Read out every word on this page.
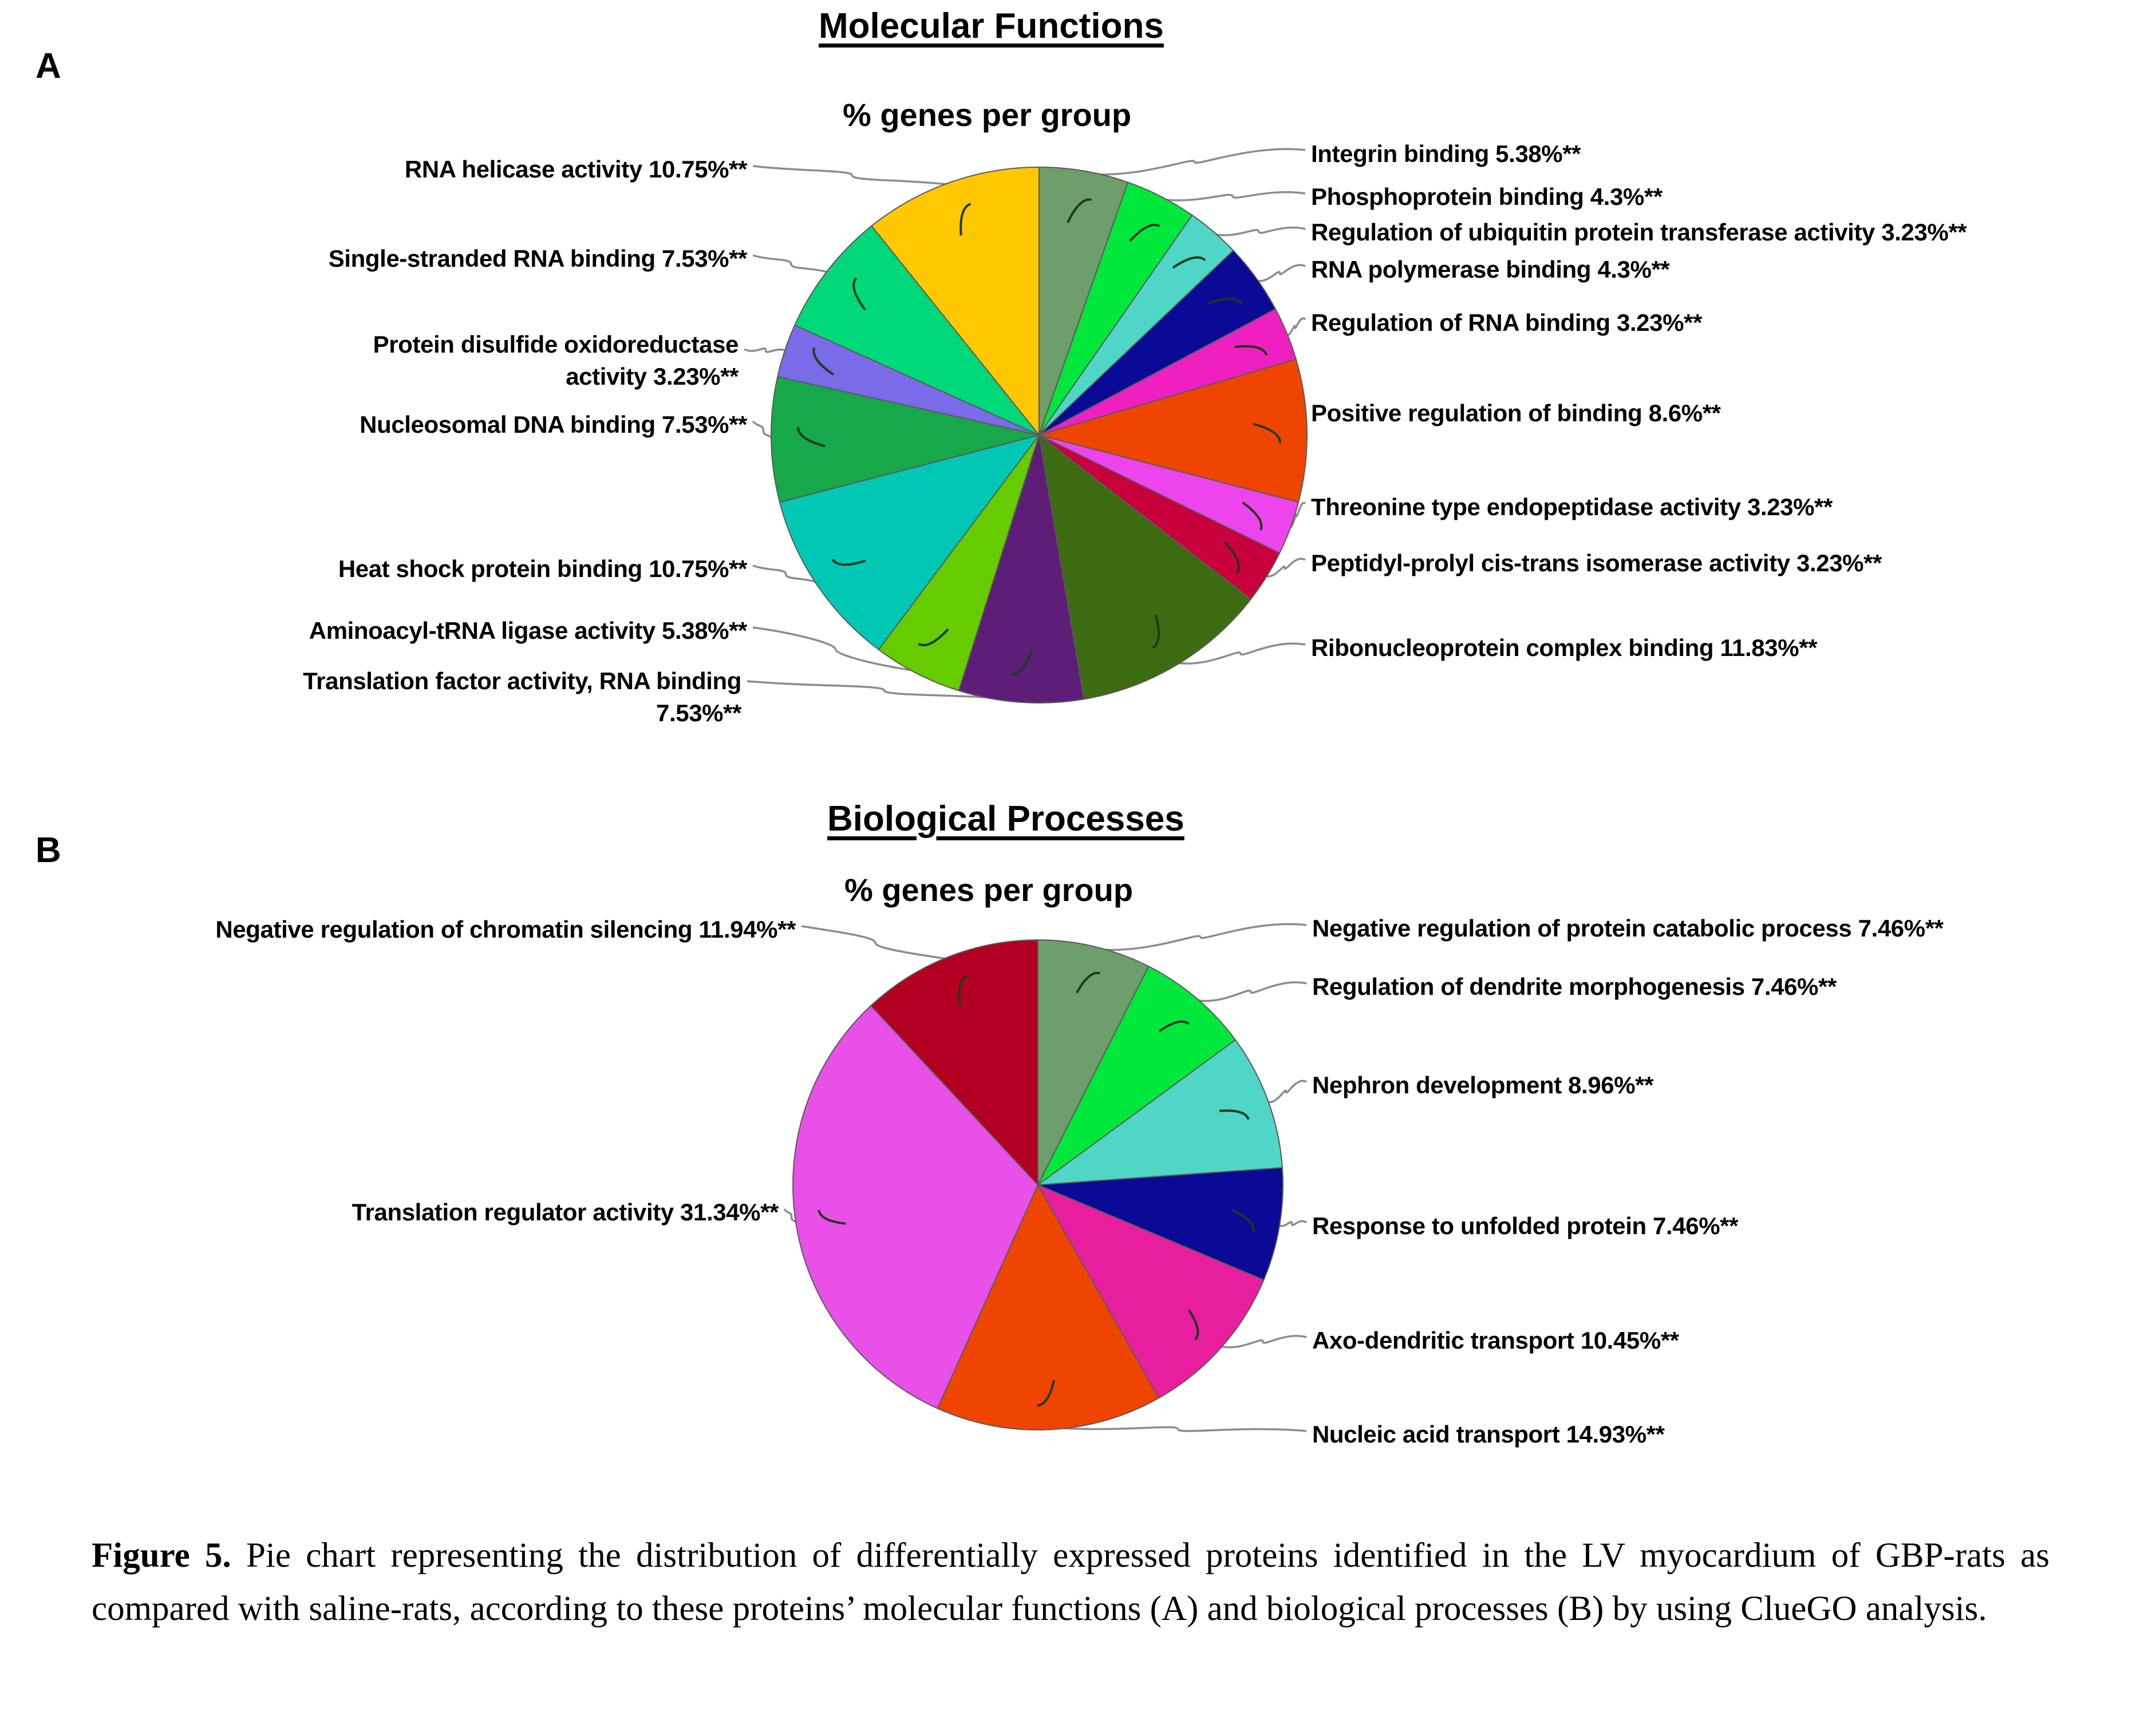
A
Molecular Functions
% genes per group
Integrin binding 5.38%**
Phosphoprotein binding 4.3%**
Regulation of ubiquitin protein transferase activity 3.23%**
RNA polymerase binding 4.3%**
Regulation of RNA binding 3.23%**
Positive regulation of binding 8.6%**
Threonine type endopeptidase activity 3.23%**
Peptidyl-prolyl cis-trans isomerase activity 3.23%**
Ribonucleoprotein complex binding 11.83%**
RNA helicase activity 10.75%**
Single-stranded RNA binding 7.53%**
Protein disulfide oxidoreductase
activity 3.23%**
Nucleosomal DNA binding 7.53%**
Heat shock protein binding 10.75%**
Aminoacyl-tRNA ligase activity 5.38%**
Translation factor activity, RNA binding
7.53%**
B
Biological Processes
% genes per group
Negative regulation of protein catabolic process 7.46%**
Regulation of dendrite morphogenesis 7.46%**
Nephron development 8.96%**
Response to unfolded protein 7.46%**
Axo-dendritic transport 10.45%**
Nucleic acid transport 14.93%**
Negative regulation of chromatin silencing 11.94%**
Translation regulator activity 31.34%**
Figure 5. Pie chart representing the distribution of differentially expressed proteins identified in the LV myocardium of GBP-rats as compared with saline-rats, according to these proteins’ molecular functions (A) and biological processes (B) by using ClueGO analysis.
